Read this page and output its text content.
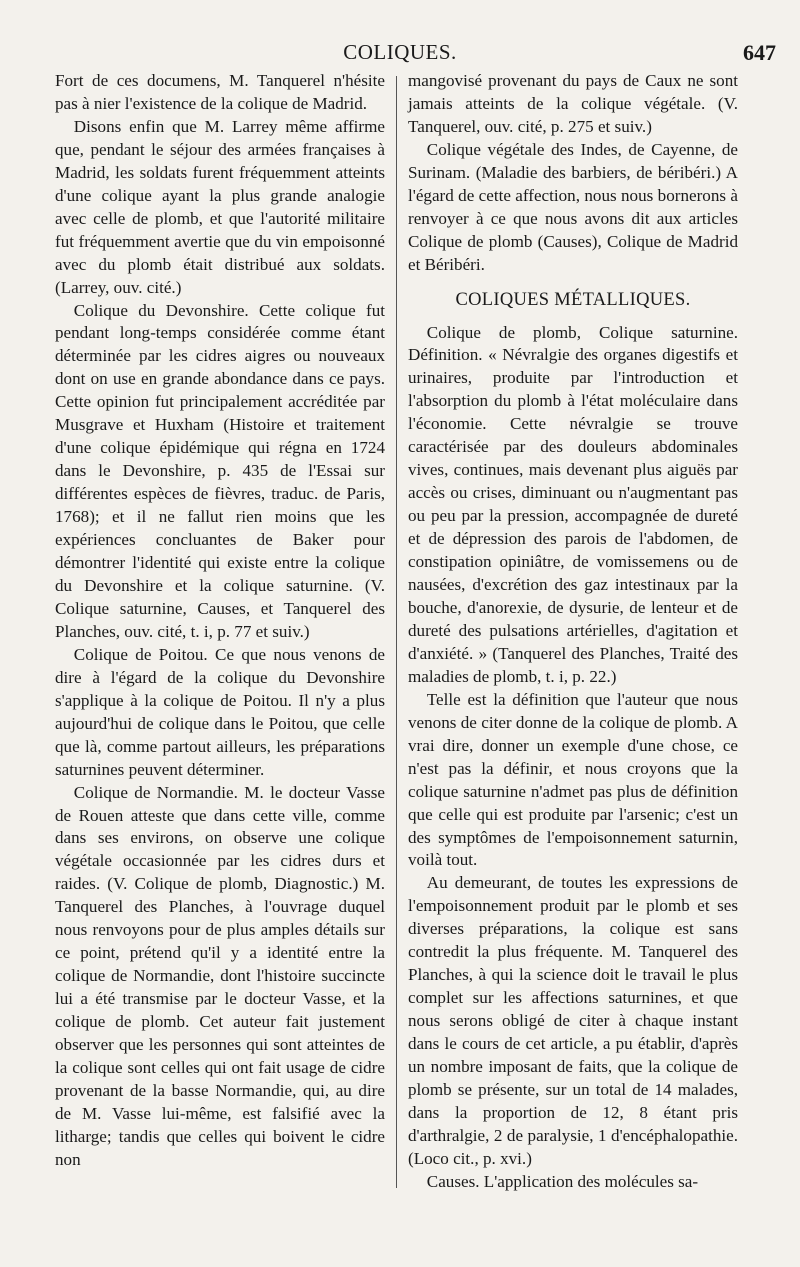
COLIQUES.	647

Fort de ces documens, M. Tanquerel n'hésite pas à nier l'existence de la colique de Madrid.

Disons enfin que M. Larrey même affirme que, pendant le séjour des armées françaises à Madrid, les soldats furent fréquemment atteints d'une colique ayant la plus grande analogie avec celle de plomb, et que l'autorité militaire fut fréquemment avertie que du vin empoisonné avec du plomb était distribué aux soldats. (Larrey, ouv. cité.)

Colique du Devonshire. Cette colique fut pendant long-temps considérée comme étant déterminée par les cidres aigres ou nouveaux dont on use en grande abondance dans ce pays. Cette opinion fut principalement accréditée par Musgrave et Huxham (Histoire et traitement d'une colique épidémique qui régna en 1724 dans le Devonshire, p. 435 de l'Essai sur différentes espèces de fièvres, traduc. de Paris, 1768); et il ne fallut rien moins que les expériences concluantes de Baker pour démontrer l'identité qui existe entre la colique du Devonshire et la colique saturnine. (V. Colique saturnine, Causes, et Tanquerel des Planches, ouv. cité, t. i, p. 77 et suiv.)

Colique de Poitou. Ce que nous venons de dire à l'égard de la colique du Devonshire s'applique à la colique de Poitou. Il n'y a plus aujourd'hui de colique dans le Poitou, que celle que là, comme partout ailleurs, les préparations saturnines peuvent déterminer.

Colique de Normandie. M. le docteur Vasse de Rouen atteste que dans cette ville, comme dans ses environs, on observe une colique végétale occasionnée par les cidres durs et raides. (V. Colique de plomb, Diagnostic.) M. Tanquerel des Planches, à l'ouvrage duquel nous renvoyons pour de plus amples détails sur ce point, prétend qu'il y a identité entre la colique de Normandie, dont l'histoire succincte lui a été transmise par le docteur Vasse, et la colique de plomb. Cet auteur fait justement observer que les personnes qui sont atteintes de la colique sont celles qui ont fait usage de cidre provenant de la basse Normandie, qui, au dire de M. Vasse lui-même, est falsifié avec la litharge; tandis que celles qui boivent le cidre non

mangovisé provenant du pays de Caux ne sont jamais atteints de la colique végétale. (V. Tanquerel, ouv. cité, p. 275 et suiv.)

Colique végétale des Indes, de Cayenne, de Surinam. (Maladie des barbiers, de béribéri.) A l'égard de cette affection, nous nous bornerons à renvoyer à ce que nous avons dit aux articles Colique de plomb (Causes), Colique de Madrid et Béribéri.

COLIQUES MÉTALLIQUES.

Colique de plomb, Colique saturnine. Définition. « Névralgie des organes digestifs et urinaires, produite par l'introduction et l'absorption du plomb à l'état moléculaire dans l'économie. Cette névralgie se trouve caractérisée par des douleurs abdominales vives, continues, mais devenant plus aiguës par accès ou crises, diminuant ou n'augmentant pas ou peu par la pression, accompagnée de dureté et de dépression des parois de l'abdomen, de constipation opiniâtre, de vomissemens ou de nausées, d'excrétion des gaz intestinaux par la bouche, d'anorexie, de dysurie, de lenteur et de dureté des pulsations artérielles, d'agitation et d'anxiété. » (Tanquerel des Planches, Traité des maladies de plomb, t. i, p. 22.)

Telle est la définition que l'auteur que nous venons de citer donne de la colique de plomb. A vrai dire, donner un exemple d'une chose, ce n'est pas la définir, et nous croyons que la colique saturnine n'admet pas plus de définition que celle qui est produite par l'arsenic; c'est un des symptômes de l'empoisonnement saturnin, voilà tout.

Au demeurant, de toutes les expressions de l'empoisonnement produit par le plomb et ses diverses préparations, la colique est sans contredit la plus fréquente. M. Tanquerel des Planches, à qui la science doit le travail le plus complet sur les affections saturnines, et que nous serons obligé de citer à chaque instant dans le cours de cet article, a pu établir, d'après un nombre imposant de faits, que la colique de plomb se présente, sur un total de 14 malades, dans la proportion de 12, 8 étant pris d'arthralgie, 2 de paralysie, 1 d'encéphalopathie. (Loco cit., p. xvi.)

Causes. L'application des molécules sa-
